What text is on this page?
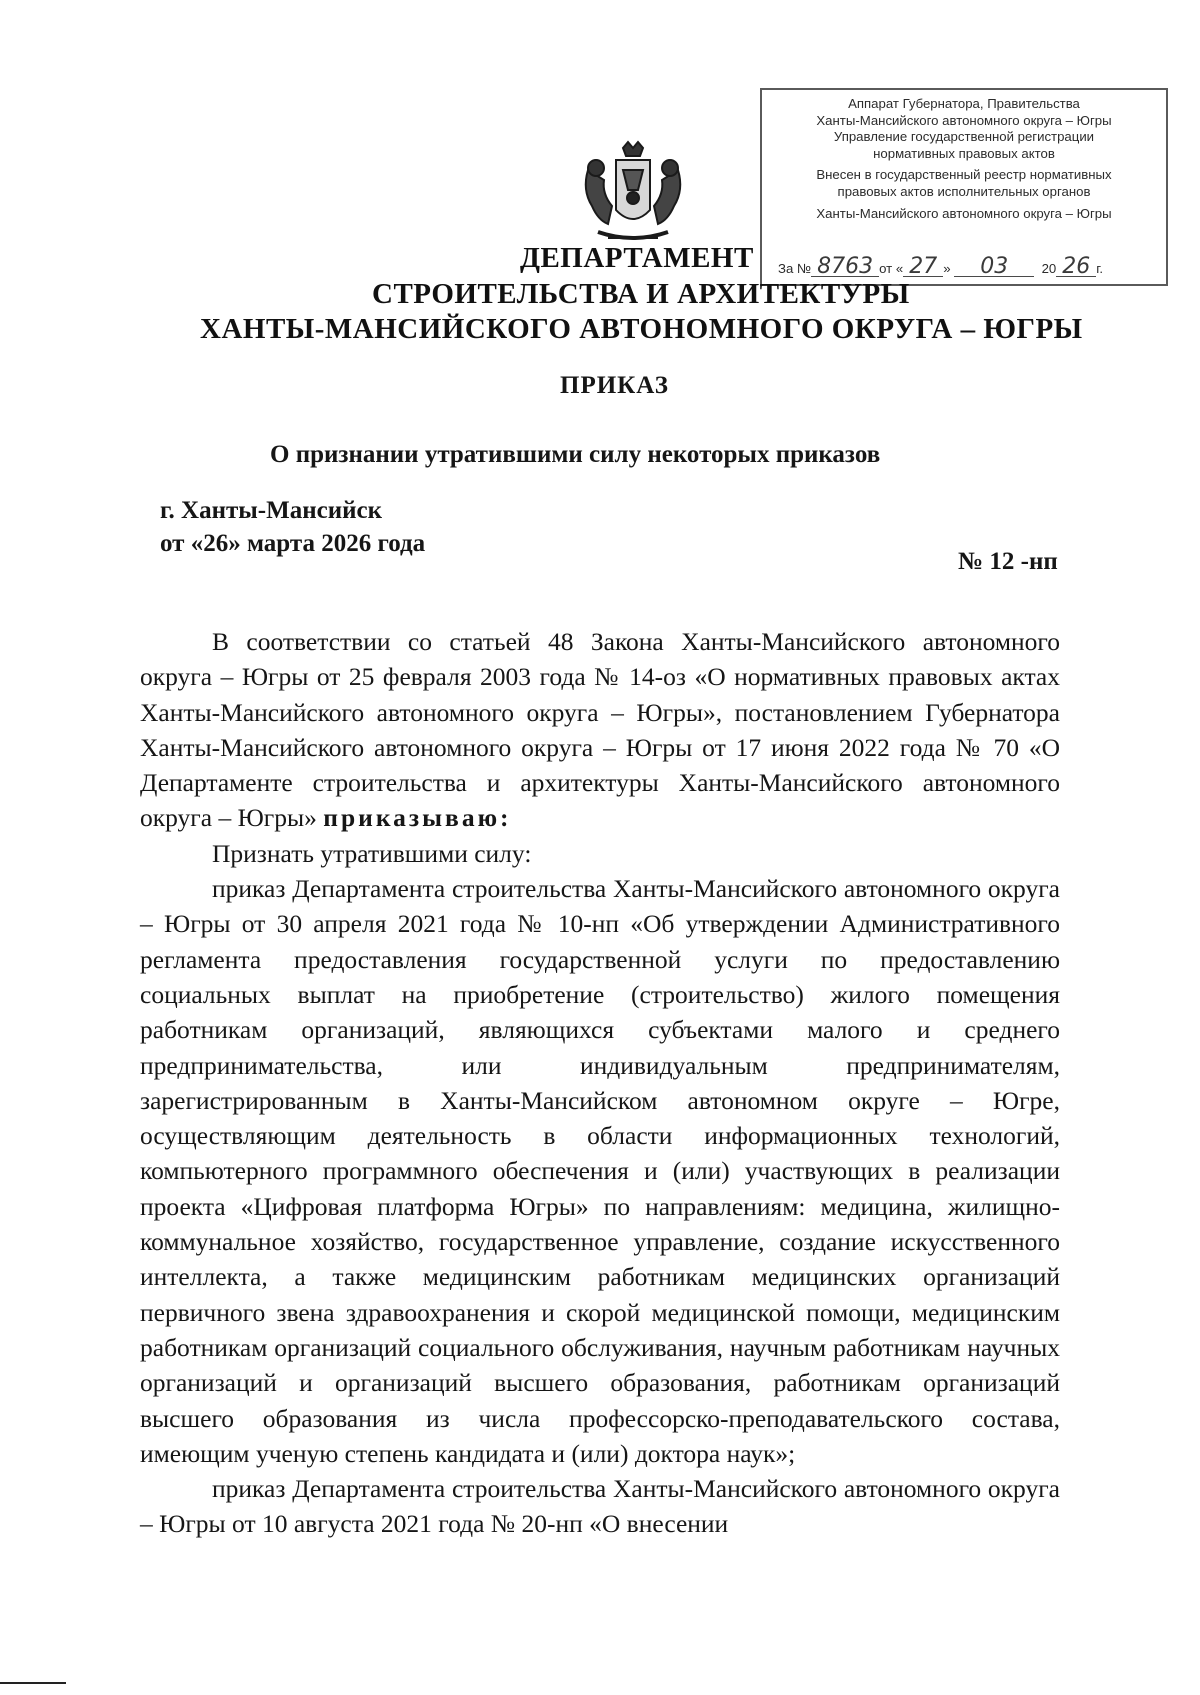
Аппарат Губернатора, Правительства
Ханты-Мансийского автономного округа – Югры
Управление государственной регистрации
нормативных правовых актов
Внесен в государственный реестр нормативных
правовых актов исполнительных органов
Ханты-Мансийского автономного округа – Югры
За № 8763 от « 27 » 03	20 26 г.
ДЕПАРТАМЕНТ
СТРОИТЕЛЬСТВА И АРХИТЕКТУРЫ
ХАНТЫ-МАНСИЙСКОГО АВТОНОМНОГО ОКРУГА – ЮГРЫ
ПРИКАЗ
О признании утратившими силу некоторых приказов
г. Ханты-Мансийск
от «26» марта 2026 года
№ 12 -нп

В соответствии со статьей 48 Закона Ханты-Мансийского автономного округа – Югры от 25 февраля 2003 года № 14-оз «О нормативных правовых актах Ханты-Мансийского автономного округа – Югры», постановлением Губернатора Ханты-Мансийского автономного округа – Югры от 17 июня 2022 года № 70 «О Департаменте строительства и архитектуры Ханты-Мансийского автономного округа – Югры» приказываю:

Признать утратившими силу:

приказ Департамента строительства Ханты-Мансийского автономного округа – Югры от 30 апреля 2021 года № 10-нп «Об утверждении Административного регламента предоставления государственной услуги по предоставлению социальных выплат на приобретение (строительство) жилого помещения работникам организаций, являющихся субъектами малого и среднего предпринимательства, или индивидуальным предпринимателям, зарегистрированным в Ханты-Мансийском автономном округе – Югре, осуществляющим деятельность в области информационных технологий, компьютерного программного обеспечения и (или) участвующих в реализации проекта «Цифровая платформа Югры» по направлениям: медицина, жилищно-коммунальное хозяйство, государственное управление, создание искусственного интеллекта, а также медицинским работникам медицинских организаций первичного звена здравоохранения и скорой медицинской помощи, медицинским работникам организаций социального обслуживания, научным работникам научных организаций и организаций высшего образования, работникам организаций высшего образования из числа профессорско-преподавательского состава, имеющим ученую степень кандидата и (или) доктора наук»;

приказ Департамента строительства Ханты-Мансийского автономного округа – Югры от 10 августа 2021 года № 20-нп «О внесении
